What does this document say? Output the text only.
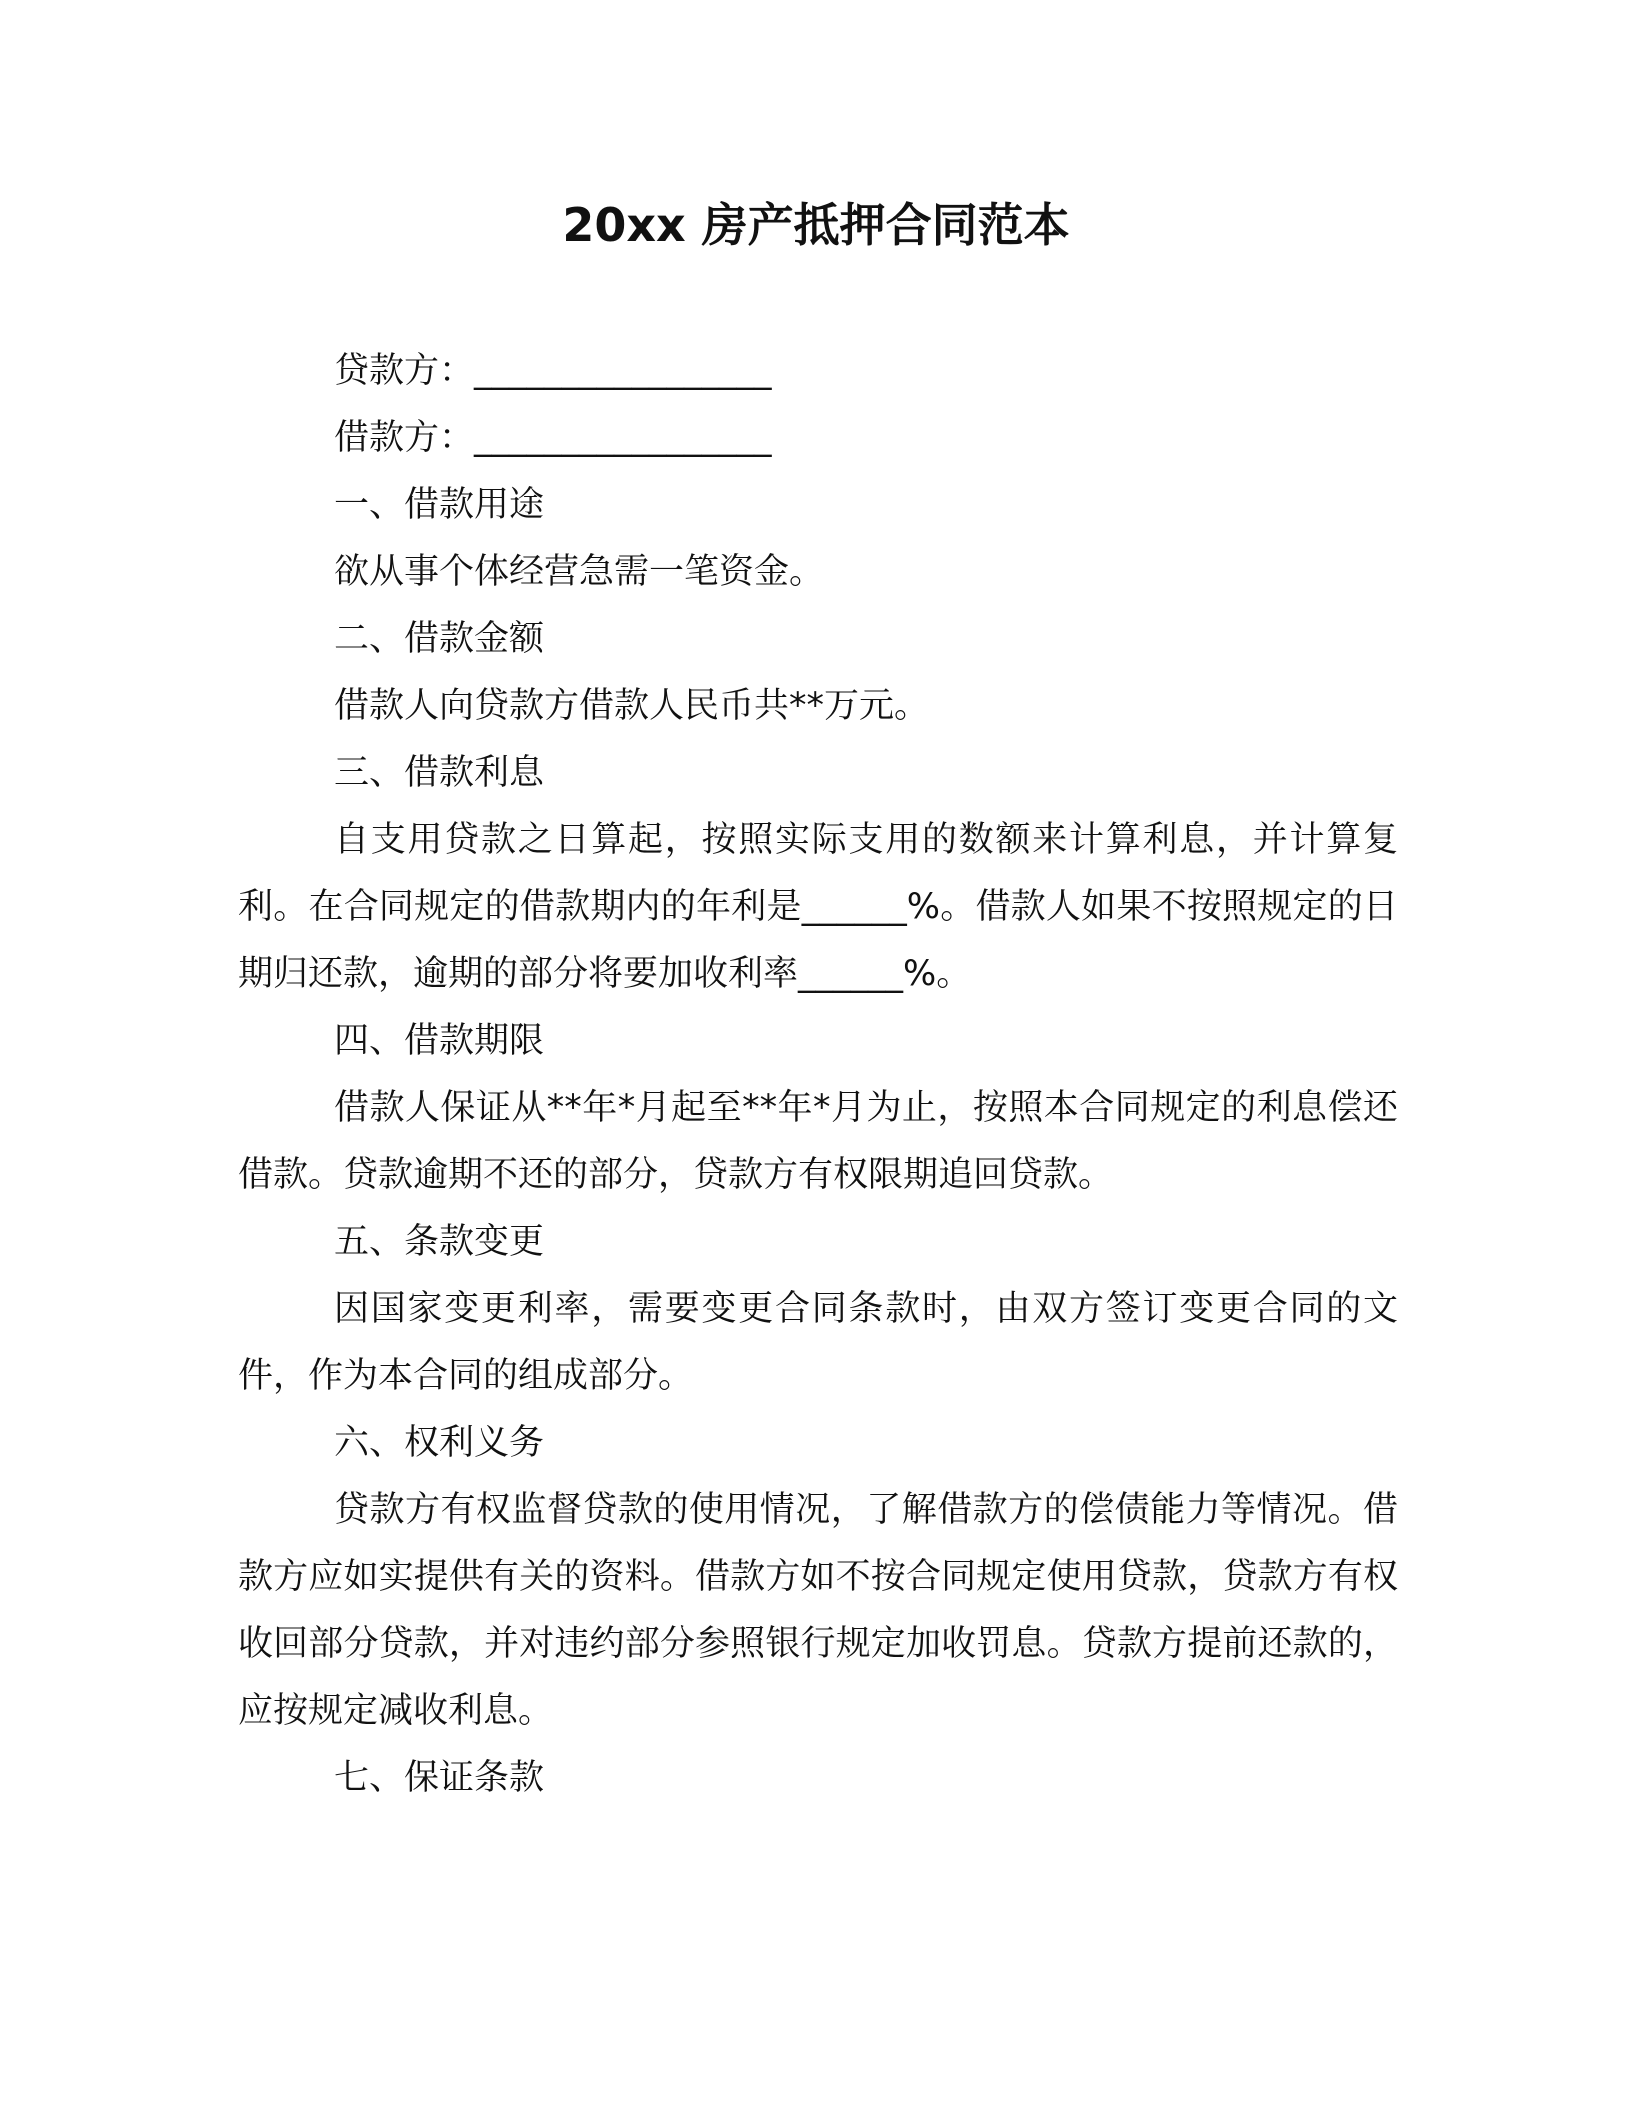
20xx 房产抵押合同范本

贷款方：_________________

借款方：_________________

一、借款用途

欲从事个体经营急需一笔资金。

二、借款金额

借款人向贷款方借款人民币共**万元。

三、借款利息

自支用贷款之日算起，按照实际支用的数额来计算利息，并计算复利。在合同规定的借款期内的年利是______%。借款人如果不按照规定的日期归还款，逾期的部分将要加收利率______%。

四、借款期限

借款人保证从**年*月起至**年*月为止，按照本合同规定的利息偿还借款。贷款逾期不还的部分，贷款方有权限期追回贷款。

五、条款变更

因国家变更利率，需要变更合同条款时，由双方签订变更合同的文件，作为本合同的组成部分。

六、权利义务

贷款方有权监督贷款的使用情况，了解借款方的偿债能力等情况。借款方应如实提供有关的资料。借款方如不按合同规定使用贷款，贷款方有权收回部分贷款，并对违约部分参照银行规定加收罚息。贷款方提前还款的，应按规定减收利息。

七、保证条款
